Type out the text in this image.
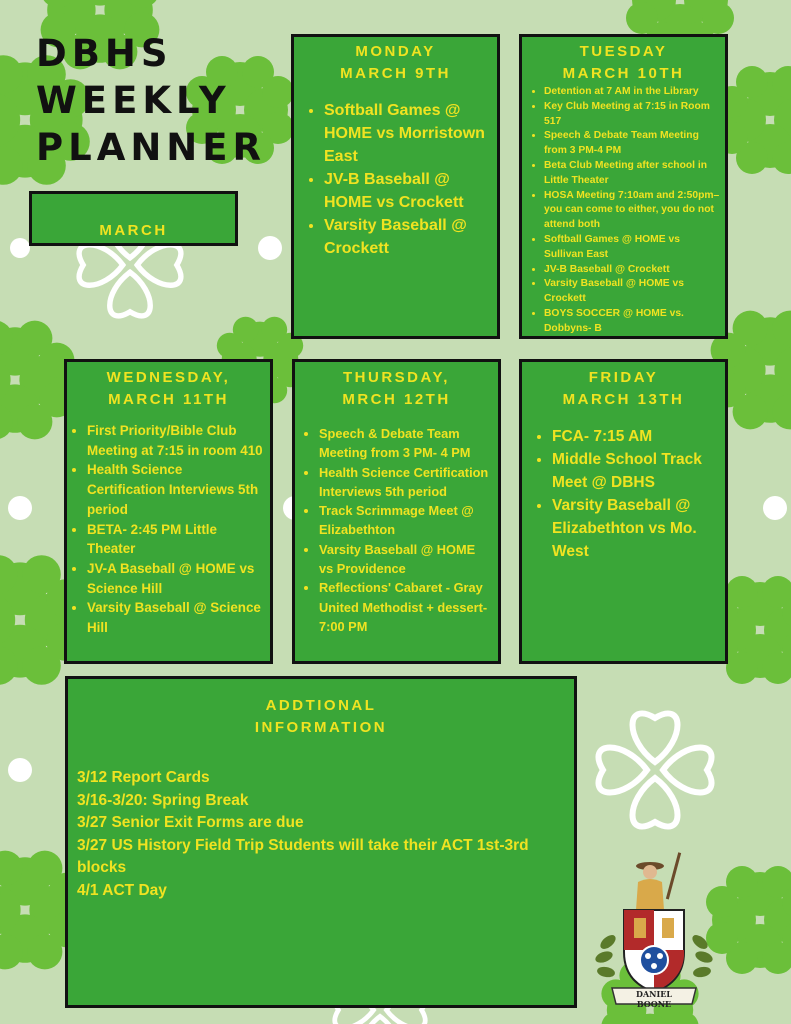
DBHS
WEEKLY
PLANNER
MARCH
MONDAY
MARCH 9TH
• Softball Games @ HOME vs Morristown East
• JV-B Baseball @ HOME vs Crockett
• Varsity Baseball @ Crockett
TUESDAY
MARCH 10TH
• Detention at 7 AM in the Library
• Key Club Meeting at 7:15 in Room 517
• Speech & Debate Team Meeting from 3 PM-4 PM
• Beta Club Meeting after school in Little Theater
• HOSA Meeting 7:10am and 2:50pm–you can come to either, you do not attend both
• Softball Games @ HOME vs Sullivan East
• JV-B Baseball @ Crockett
• Varsity Baseball @ HOME vs Crockett
• BOYS SOCCER @ HOME vs. Dobbyns- B
WEDNESDAY,
MARCH 11TH
• First Priority/Bible Club Meeting at 7:15 in room 410
• Health Science Certification Interviews 5th period
• BETA- 2:45 PM Little Theater
• JV-A Baseball @ HOME vs Science Hill
• Varsity Baseball @ Science Hill
THURSDAY,
MRCH 12TH
• Speech & Debate Team Meeting from 3 PM- 4 PM
• Health Science Certification Interviews 5th period
• Track Scrimmage Meet @ Elizabethton
• Varsity Baseball @ HOME vs Providence
• Reflections' Cabaret - Gray United Methodist + dessert- 7:00 PM
FRIDAY
MARCH 13TH
• FCA- 7:15 AM
• Middle School Track Meet @ DBHS
• Varsity Baseball @ Elizabethton vs Mo. West
ADDTIONAL
INFORMATION
3/12 Report Cards
3/16-3/20: Spring Break
3/27 Senior Exit Forms are due
3/27 US History Field Trip Students will take their ACT 1st-3rd blocks
4/1 ACT Day
DANIEL BOONE
